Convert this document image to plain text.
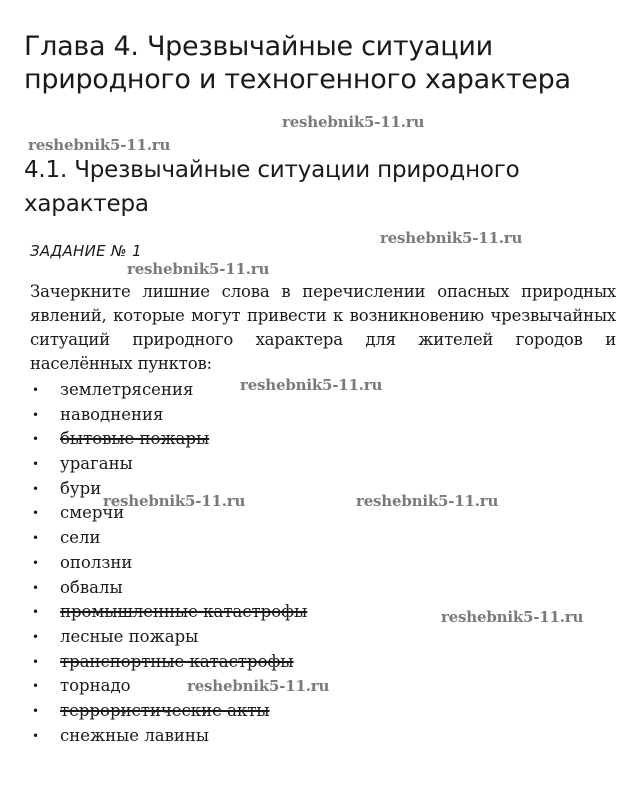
Глава 4. Чрезвычайные ситуации природного и техногенного характера
4.1. Чрезвычайные ситуации природного характера
ЗАДАНИЕ № 1

Зачеркните лишние слова в перечислении опасных природных явлений, которые могут привести к возникновению чрезвычайных ситуаций природного характера для жителей городов и населённых пунктов:

•	землетрясения
•	наводнения
•	бытовые пожары
•	ураганы
•	бури
•	смерчи
•	сели
•	оползни
•	обвалы
•	промышленные катастрофы
•	лесные пожары
•	транспортные катастрофы
•	торнадо
•	террористические акты
•	снежные лавины
reshebnik5-11.ru
reshebnik5-11.ru
reshebnik5-11.ru
reshebnik5-11.ru
reshebnik5-11.ru
reshebnik5-11.ru	reshebnik5-11.ru
reshebnik5-11.ru
reshebnik5-11.ru
